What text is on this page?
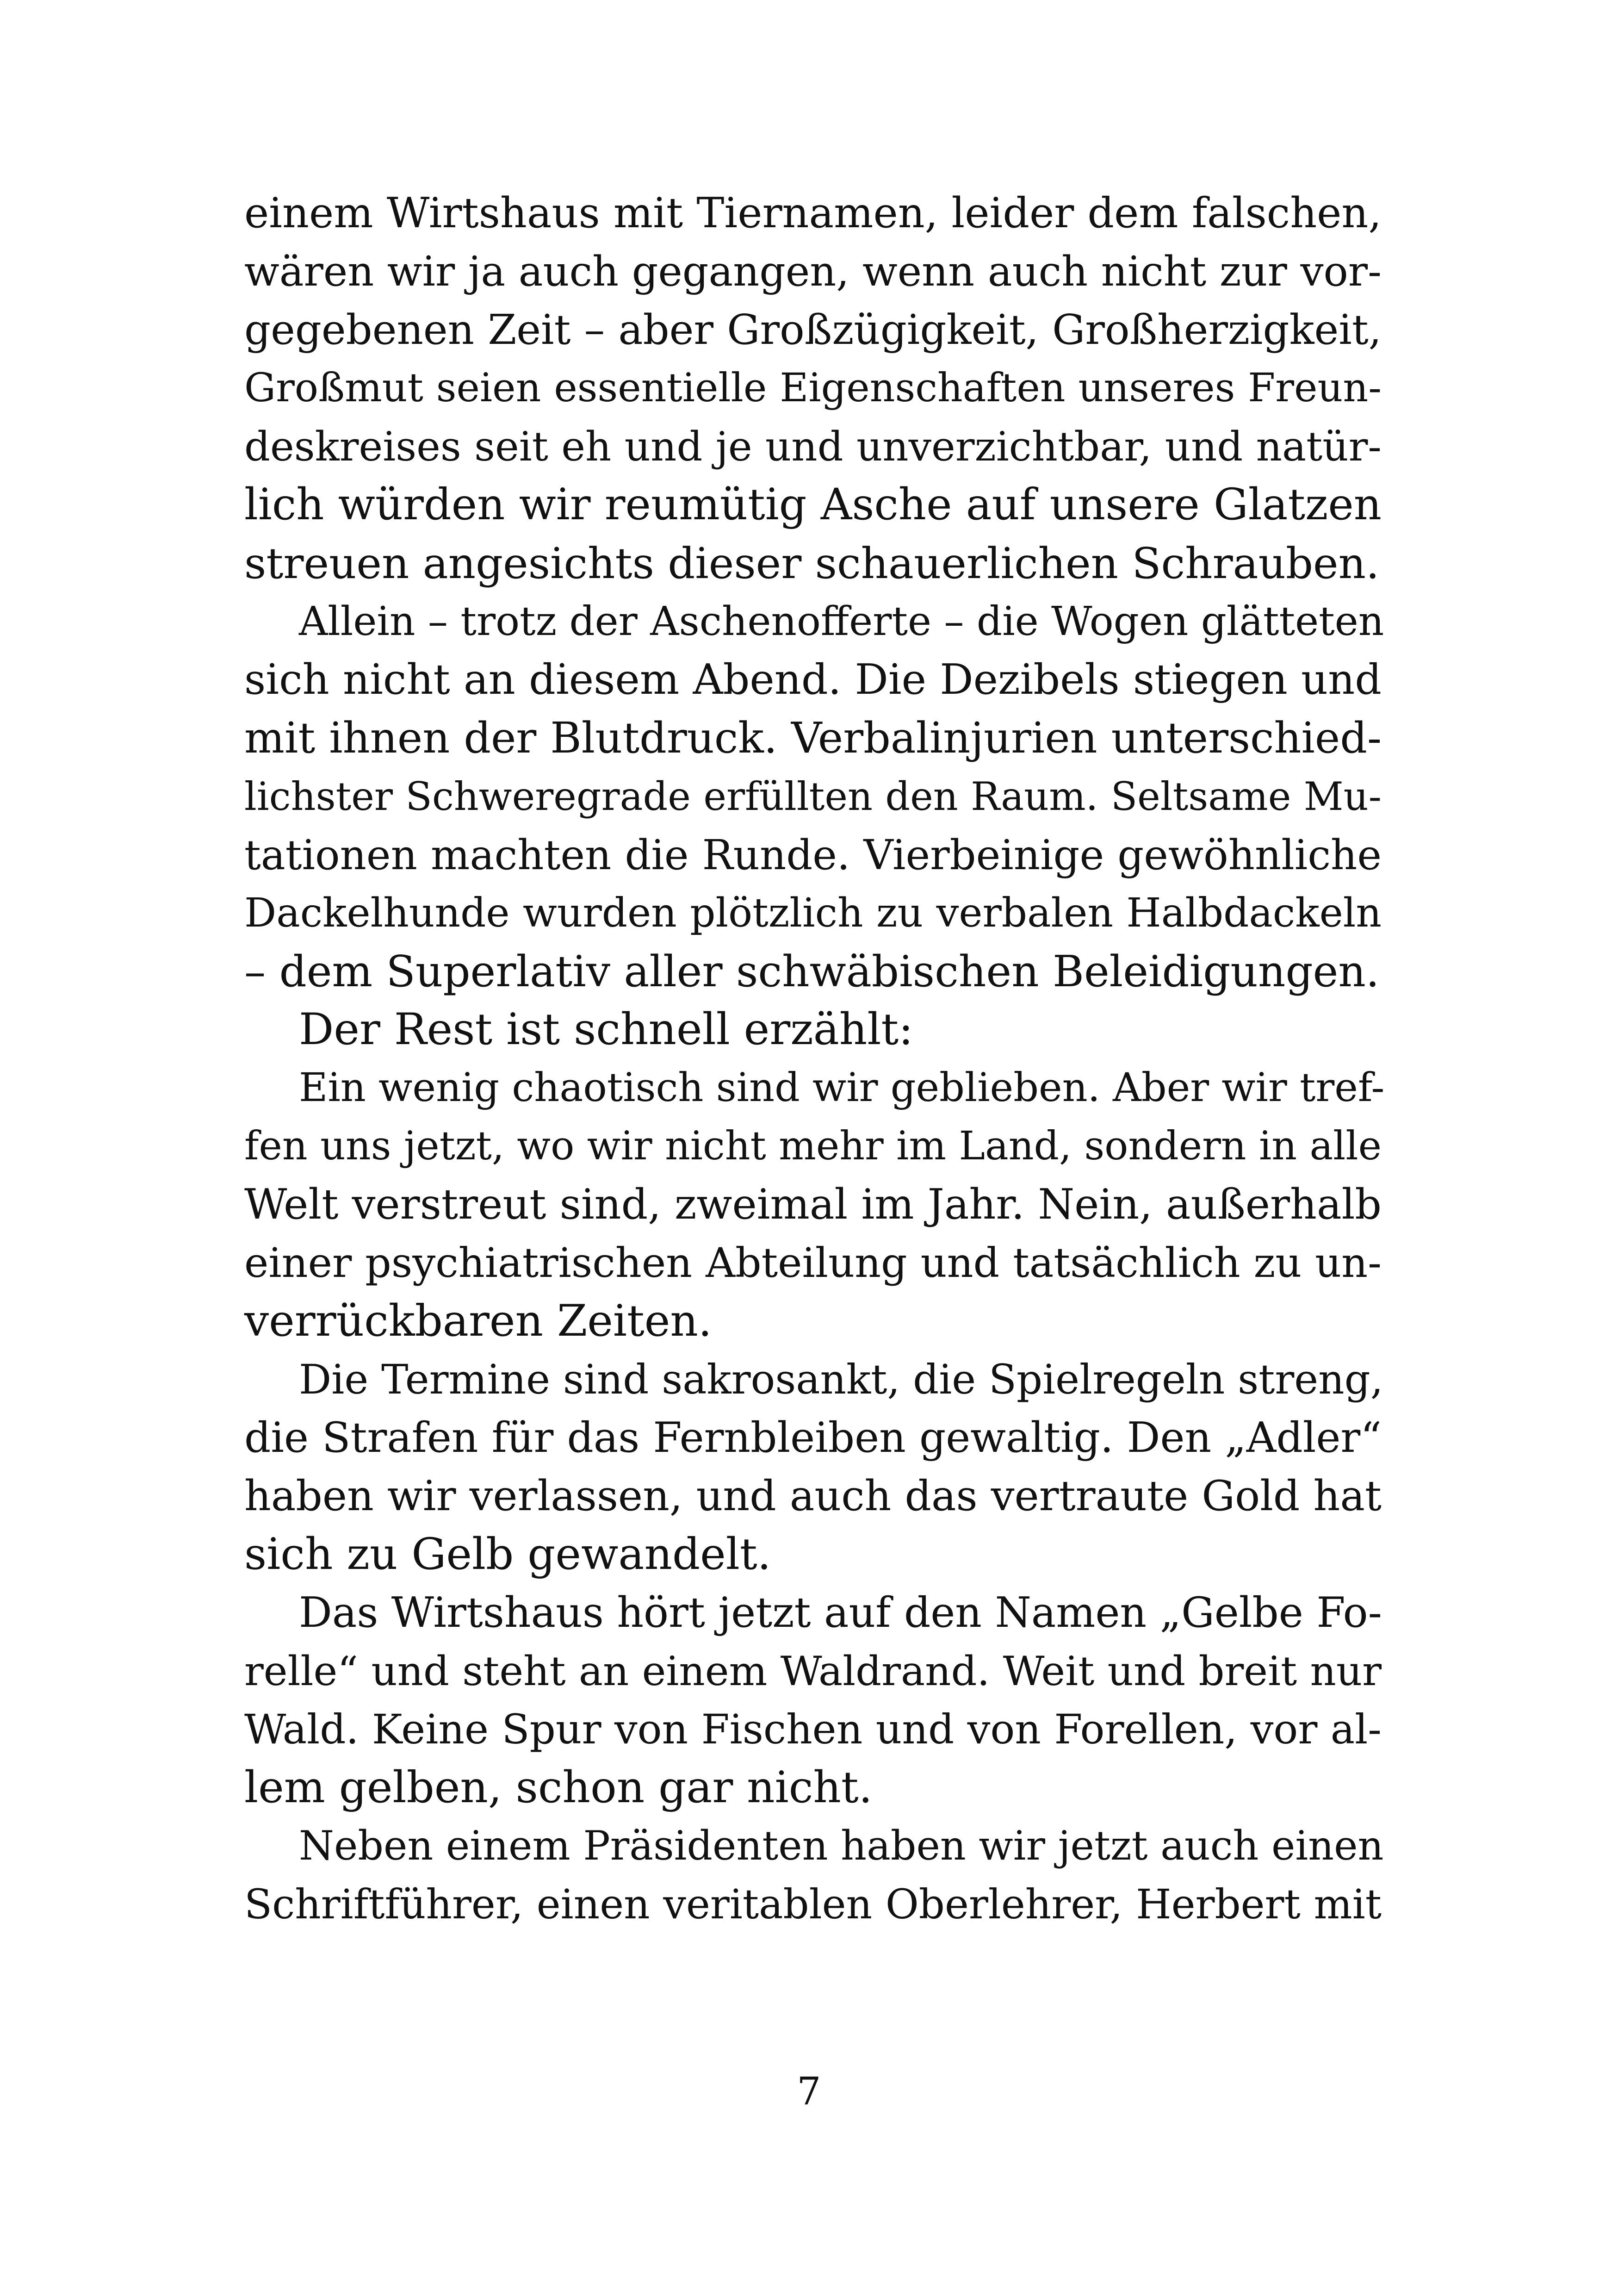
einem Wirtshaus mit Tiernamen, leider dem falschen,
wären wir ja auch gegangen, wenn auch nicht zur vor-
gegebenen Zeit – aber Großzügigkeit, Großherzigkeit,
Großmut seien essentielle Eigenschaften unseres Freun-
deskreises seit eh und je und unverzichtbar, und natür-
lich würden wir reumütig Asche auf unsere Glatzen
streuen angesichts dieser schauerlichen Schrauben.
Allein – trotz der Aschenofferte – die Wogen glätteten
sich nicht an diesem Abend. Die Dezibels stiegen und
mit ihnen der Blutdruck. Verbalinjurien unterschied-
lichster Schweregrade erfüllten den Raum. Seltsame Mu-
tationen machten die Runde. Vierbeinige gewöhnliche
Dackelhunde wurden plötzlich zu verbalen Halbdackeln
– dem Superlativ aller schwäbischen Beleidigungen.
Der Rest ist schnell erzählt:
Ein wenig chaotisch sind wir geblieben. Aber wir tref-
fen uns jetzt, wo wir nicht mehr im Land, sondern in alle
Welt verstreut sind, zweimal im Jahr. Nein, außerhalb
einer psychiatrischen Abteilung und tatsächlich zu un-
verrückbaren Zeiten.
Die Termine sind sakrosankt, die Spielregeln streng,
die Strafen für das Fernbleiben gewaltig. Den „Adler“
haben wir verlassen, und auch das vertraute Gold hat
sich zu Gelb gewandelt.
Das Wirtshaus hört jetzt auf den Namen „Gelbe Fo-
relle“ und steht an einem Waldrand. Weit und breit nur
Wald. Keine Spur von Fischen und von Forellen, vor al-
lem gelben, schon gar nicht.
Neben einem Präsidenten haben wir jetzt auch einen
Schriftführer, einen veritablen Oberlehrer, Herbert mit
7
